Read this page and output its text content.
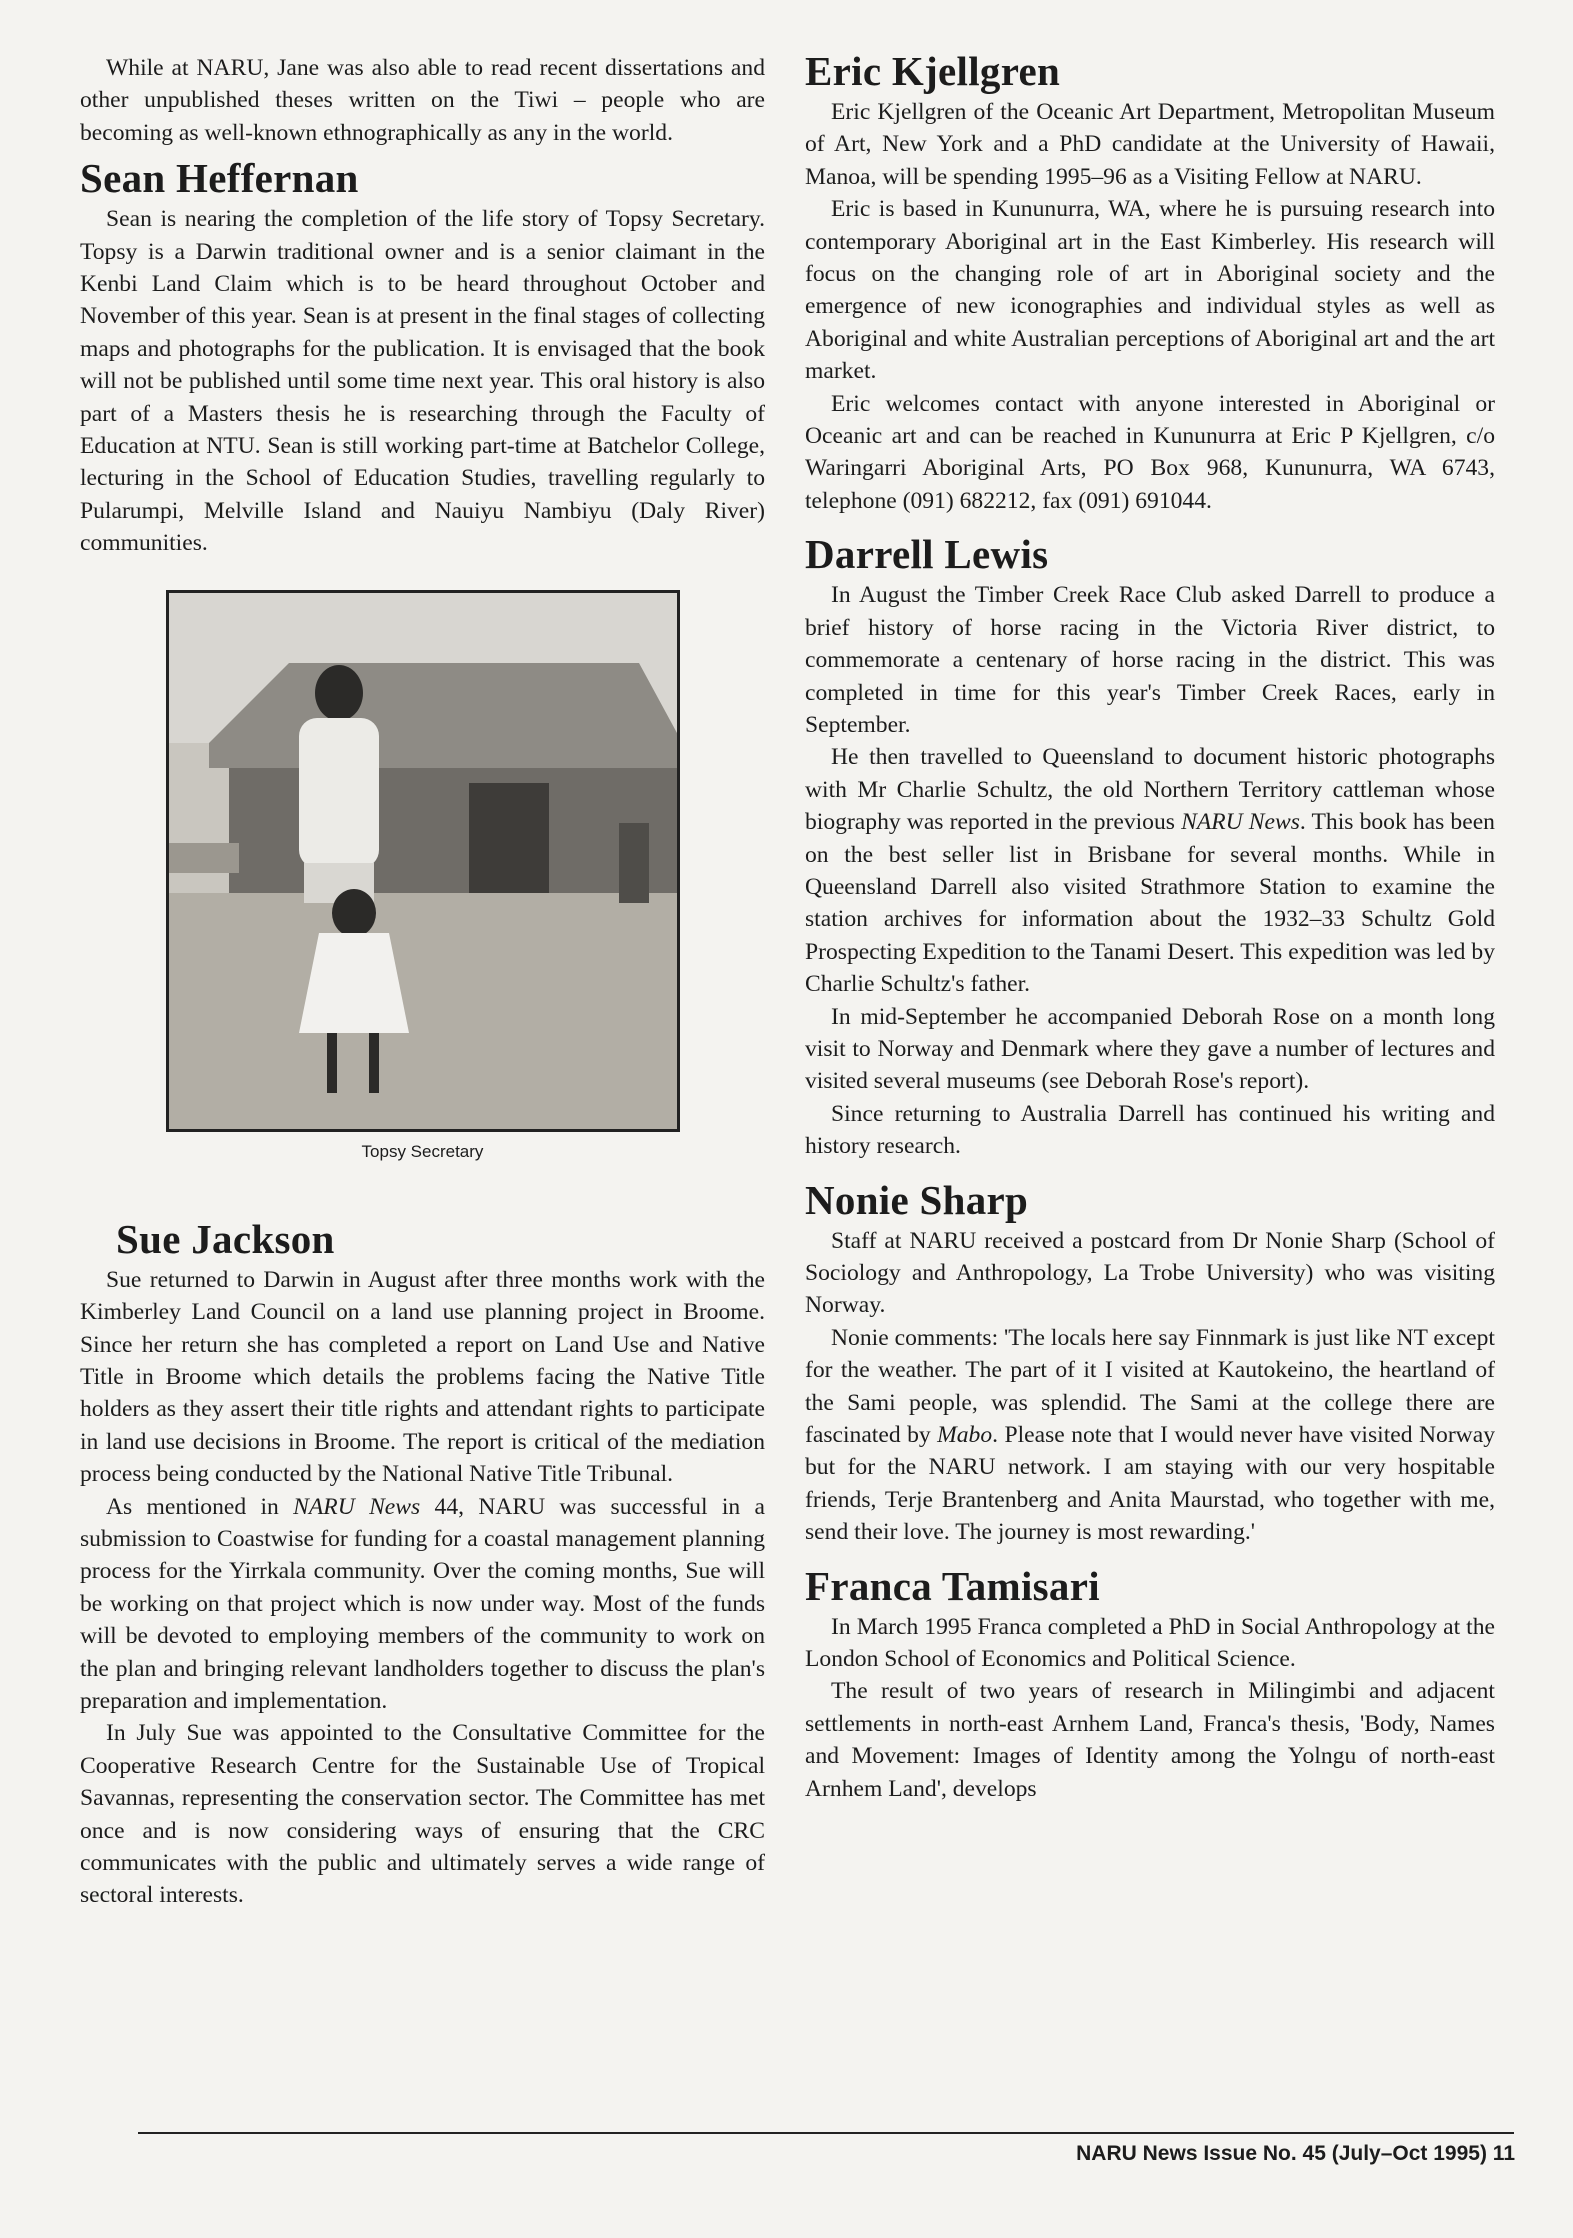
While at NARU, Jane was also able to read recent dissertations and other unpublished theses written on the Tiwi – people who are becoming as well-known ethnographically as any in the world.

Sean Heffernan

Sean is nearing the completion of the life story of Topsy Secretary. Topsy is a Darwin traditional owner and is a senior claimant in the Kenbi Land Claim which is to be heard throughout October and November of this year. Sean is at present in the final stages of collecting maps and photographs for the publication. It is envisaged that the book will not be published until some time next year. This oral history is also part of a Masters thesis he is researching through the Faculty of Education at NTU. Sean is still working part-time at Batchelor College, lecturing in the School of Education Studies, travelling regularly to Pularumpi, Melville Island and Nauiyu Nambiyu (Daly River) communities.

Topsy Secretary
Sue Jackson

Sue returned to Darwin in August after three months work with the Kimberley Land Council on a land use planning project in Broome. Since her return she has completed a report on Land Use and Native Title in Broome which details the problems facing the Native Title holders as they assert their title rights and attendant rights to participate in land use decisions in Broome. The report is critical of the mediation process being conducted by the National Native Title Tribunal.

As mentioned in NARU News 44, NARU was successful in a submission to Coastwise for funding for a coastal management planning process for the Yirrkala community. Over the coming months, Sue will be working on that project which is now under way. Most of the funds will be devoted to employing members of the community to work on the plan and bringing relevant landholders together to discuss the plan's preparation and implementation.

In July Sue was appointed to the Consultative Committee for the Cooperative Research Centre for the Sustainable Use of Tropical Savannas, representing the conservation sector. The Committee has met once and is now considering ways of ensuring that the CRC communicates with the public and ultimately serves a wide range of sectoral interests.

Eric Kjellgren

Eric Kjellgren of the Oceanic Art Department, Metropolitan Museum of Art, New York and a PhD candidate at the University of Hawaii, Manoa, will be spending 1995–96 as a Visiting Fellow at NARU.

Eric is based in Kununurra, WA, where he is pursuing research into contemporary Aboriginal art in the East Kimberley. His research will focus on the changing role of art in Aboriginal society and the emergence of new iconographies and individual styles as well as Aboriginal and white Australian perceptions of Aboriginal art and the art market.

Eric welcomes contact with anyone interested in Aboriginal or Oceanic art and can be reached in Kununurra at Eric P Kjellgren, c/o Waringarri Aboriginal Arts, PO Box 968, Kununurra, WA 6743, telephone (091) 682212, fax (091) 691044.

Darrell Lewis

In August the Timber Creek Race Club asked Darrell to produce a brief history of horse racing in the Victoria River district, to commemorate a centenary of horse racing in the district. This was completed in time for this year's Timber Creek Races, early in September.

He then travelled to Queensland to document historic photographs with Mr Charlie Schultz, the old Northern Territory cattleman whose biography was reported in the previous NARU News. This book has been on the best seller list in Brisbane for several months. While in Queensland Darrell also visited Strathmore Station to examine the station archives for information about the 1932–33 Schultz Gold Prospecting Expedition to the Tanami Desert. This expedition was led by Charlie Schultz's father.

In mid-September he accompanied Deborah Rose on a month long visit to Norway and Denmark where they gave a number of lectures and visited several museums (see Deborah Rose's report).

Since returning to Australia Darrell has continued his writing and history research.

Nonie Sharp

Staff at NARU received a postcard from Dr Nonie Sharp (School of Sociology and Anthropology, La Trobe University) who was visiting Norway.

Nonie comments: 'The locals here say Finnmark is just like NT except for the weather. The part of it I visited at Kautokeino, the heartland of the Sami people, was splendid. The Sami at the college there are fascinated by Mabo. Please note that I would never have visited Norway but for the NARU network. I am staying with our very hospitable friends, Terje Brantenberg and Anita Maurstad, who together with me, send their love. The journey is most rewarding.'

Franca Tamisari

In March 1995 Franca completed a PhD in Social Anthropology at the London School of Economics and Political Science.

The result of two years of research in Milingimbi and adjacent settlements in north-east Arnhem Land, Franca's thesis, 'Body, Names and Movement: Images of Identity among the Yolngu of north-east Arnhem Land', develops

NARU News Issue No. 45 (July–Oct 1995) 11
